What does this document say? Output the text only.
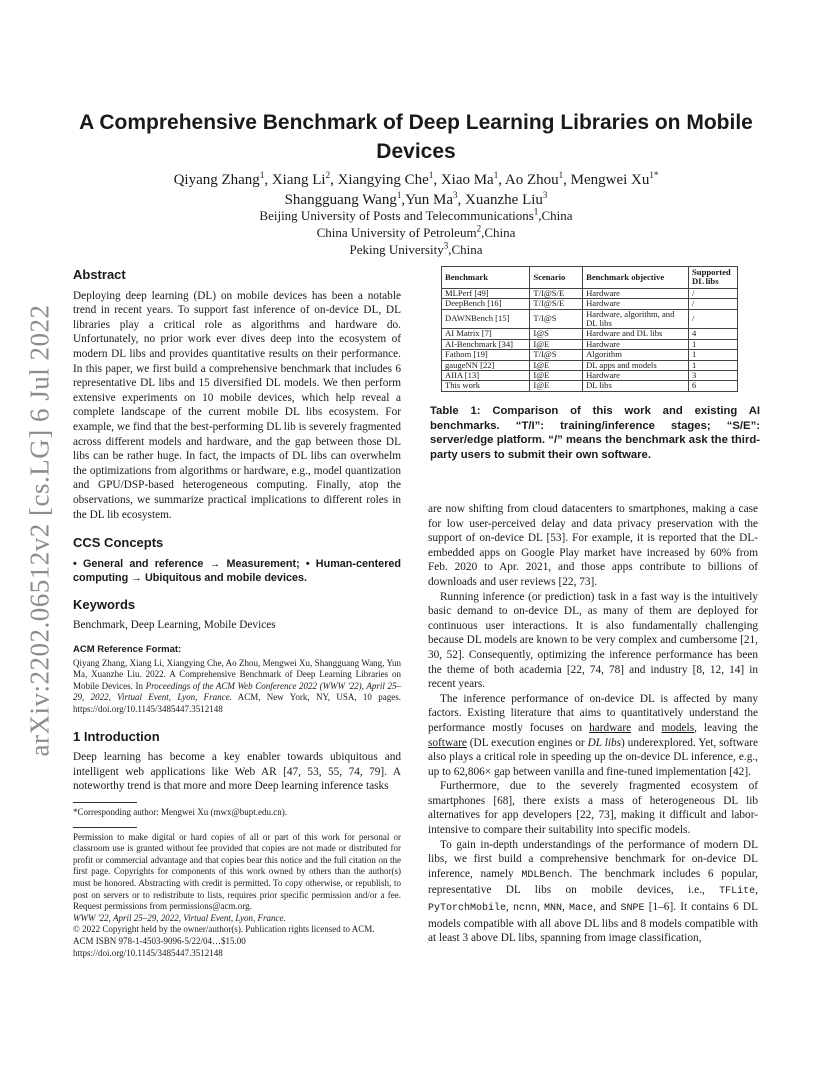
arXiv:2202.06512v2 [cs.LG] 6 Jul 2022
A Comprehensive Benchmark of Deep Learning Libraries on Mobile Devices
Qiyang Zhang$^1$, Xiang Li$^2$, Xiangying Che$^1$, Xiao Ma$^1$, Ao Zhou$^1$, Mengwei $Xu^{1*}$
Shangguang Wang$^1$,Yun Ma$^3$, Xuanzhe Liu$^3$
Beijing University of Posts and Telecommunications$^1$,China
China University of Petroleum$^2$,China
Peking University$^3$,China
Abstract

Deploying deep learning (DL) on mobile devices has been a notable trend in recent years. To support fast inference of on-device DL, DL libraries play a critical role as algorithms and hardware do. Unfortunately, no prior work ever dives deep into the ecosystem of modern DL libs and provides quantitative results on their performance. In this paper, we first build a comprehensive benchmark that includes 6 representative DL libs and 15 diversified DL models. We then perform extensive experiments on 10 mobile devices, which help reveal a complete landscape of the current mobile DL libs ecosystem. For example, we find that the best-performing DL lib is severely fragmented across different models and hardware, and the gap between those DL libs can be rather huge. In fact, the impacts of DL libs can overwhelm the optimizations from algorithms or hardware, e.g., model quantization and GPU/DSP-based heterogeneous computing. Finally, atop the observations, we summarize practical implications to different roles in the DL lib ecosystem.

CCS Concepts

• General and reference → Measurement; • Human-centered computing → Ubiquitous and mobile devices.

Keywords

Benchmark, Deep Learning, Mobile Devices

ACM Reference Format:

Qiyang Zhang, Xiang Li, Xiangying Che, Ao Zhou, Mengwei Xu, Shangguang Wang, Yun Ma, Xuanzhe Liu. 2022. A Comprehensive Benchmark of Deep Learning Libraries on Mobile Devices. In Proceedings of the ACM Web Conference 2022 (WWW '22), April 25–29, 2022, Virtual Event, Lyon, France. ACM, New York, NY, USA, 10 pages. https://doi.org/10.1145/3485447.3512148

1 Introduction

Deep learning has become a key enabler towards ubiquitous and intelligent web applications like Web AR [47, 53, 55, 74, 79]. A noteworthy trend is that more and more Deep learning inference tasks

*Corresponding author: Mengwei Xu (mwx@bupt.edu.cn).

Permission to make digital or hard copies of all or part of this work for personal or classroom use is granted without fee provided that copies are not made or distributed for profit or commercial advantage and that copies bear this notice and the full citation on the first page. Copyrights for components of this work owned by others than the author(s) must be honored. Abstracting with credit is permitted. To copy otherwise, or republish, to post on servers or to redistribute to lists, requires prior specific permission and/or a fee. Request permissions from permissions@acm.org.

WWW '22, April 25–29, 2022, Virtual Event, Lyon, France.

© 2022 Copyright held by the owner/author(s). Publication rights licensed to ACM.

ACM ISBN 978-1-4503-9096-5/22/04…$15.00

https://doi.org/10.1145/3485447.3512148

Benchmark	Scenario	Benchmark objective	Supported DL libs
MLPerf [49]	T/I@S/E	Hardware	/
DeepBench [16]	T/I@S/E	Hardware	/
DAWNBench [15]	T/I@S	Hardware, algorithm, and DL libs	/
AI Matrix [7]	I@S	Hardware and DL libs	4
AI-Benchmark [34]	I@E	Hardware	1
Fathom [19]	T/I@S	Algorithm	1
gaugeNN [22]	I@E	DL apps and models	1
AIIA [13]	I@E	Hardware	3
This work	I@E	DL libs	6
Table 1: Comparison of this work and existing AI benchmarks. “T/I”: training/inference stages; “S/E”: server/edge platform. “/” means the benchmark ask the third-party users to submit their own software.

are now shifting from cloud datacenters to smartphones, making a case for low user-perceived delay and data privacy preservation with the support of on-device DL [53]. For example, it is reported that the DL-embedded apps on Google Play market have increased by 60% from Feb. 2020 to Apr. 2021, and those apps contribute to billions of downloads and user reviews [22, 73].

Running inference (or prediction) task in a fast way is the intuitively basic demand to on-device DL, as many of them are deployed for continuous user interactions. It is also fundamentally challenging because DL models are known to be very complex and cumbersome [21, 30, 52]. Consequently, optimizing the inference performance has been the theme of both academia [22, 74, 78] and industry [8, 12, 14] in recent years.

The inference performance of on-device DL is affected by many factors. Existing literature that aims to quantitatively understand the performance mostly focuses on hardware and models, leaving the software (DL execution engines or DL libs) underexplored. Yet, software also plays a critical role in speeding up the on-device DL inference, e.g., up to 62,806× gap between vanilla and fine-tuned implementation [42].

Furthermore, due to the severely fragmented ecosystem of smartphones [68], there exists a mass of heterogeneous DL lib alternatives for app developers [22, 73], making it difficult and labor-intensive to compare their suitability into specific models.

To gain in-depth understandings of the performance of modern DL libs, we first build a comprehensive benchmark for on-device DL inference, namely MDLBench. The benchmark includes 6 popular, representative DL libs on mobile devices, i.e., TFLite, PyTorchMobile, ncnn, MNN, Mace, and SNPE [1–6]. It contains 6 DL models compatible with all above DL libs and 8 models compatible with at least 3 above DL libs, spanning from image classification,
